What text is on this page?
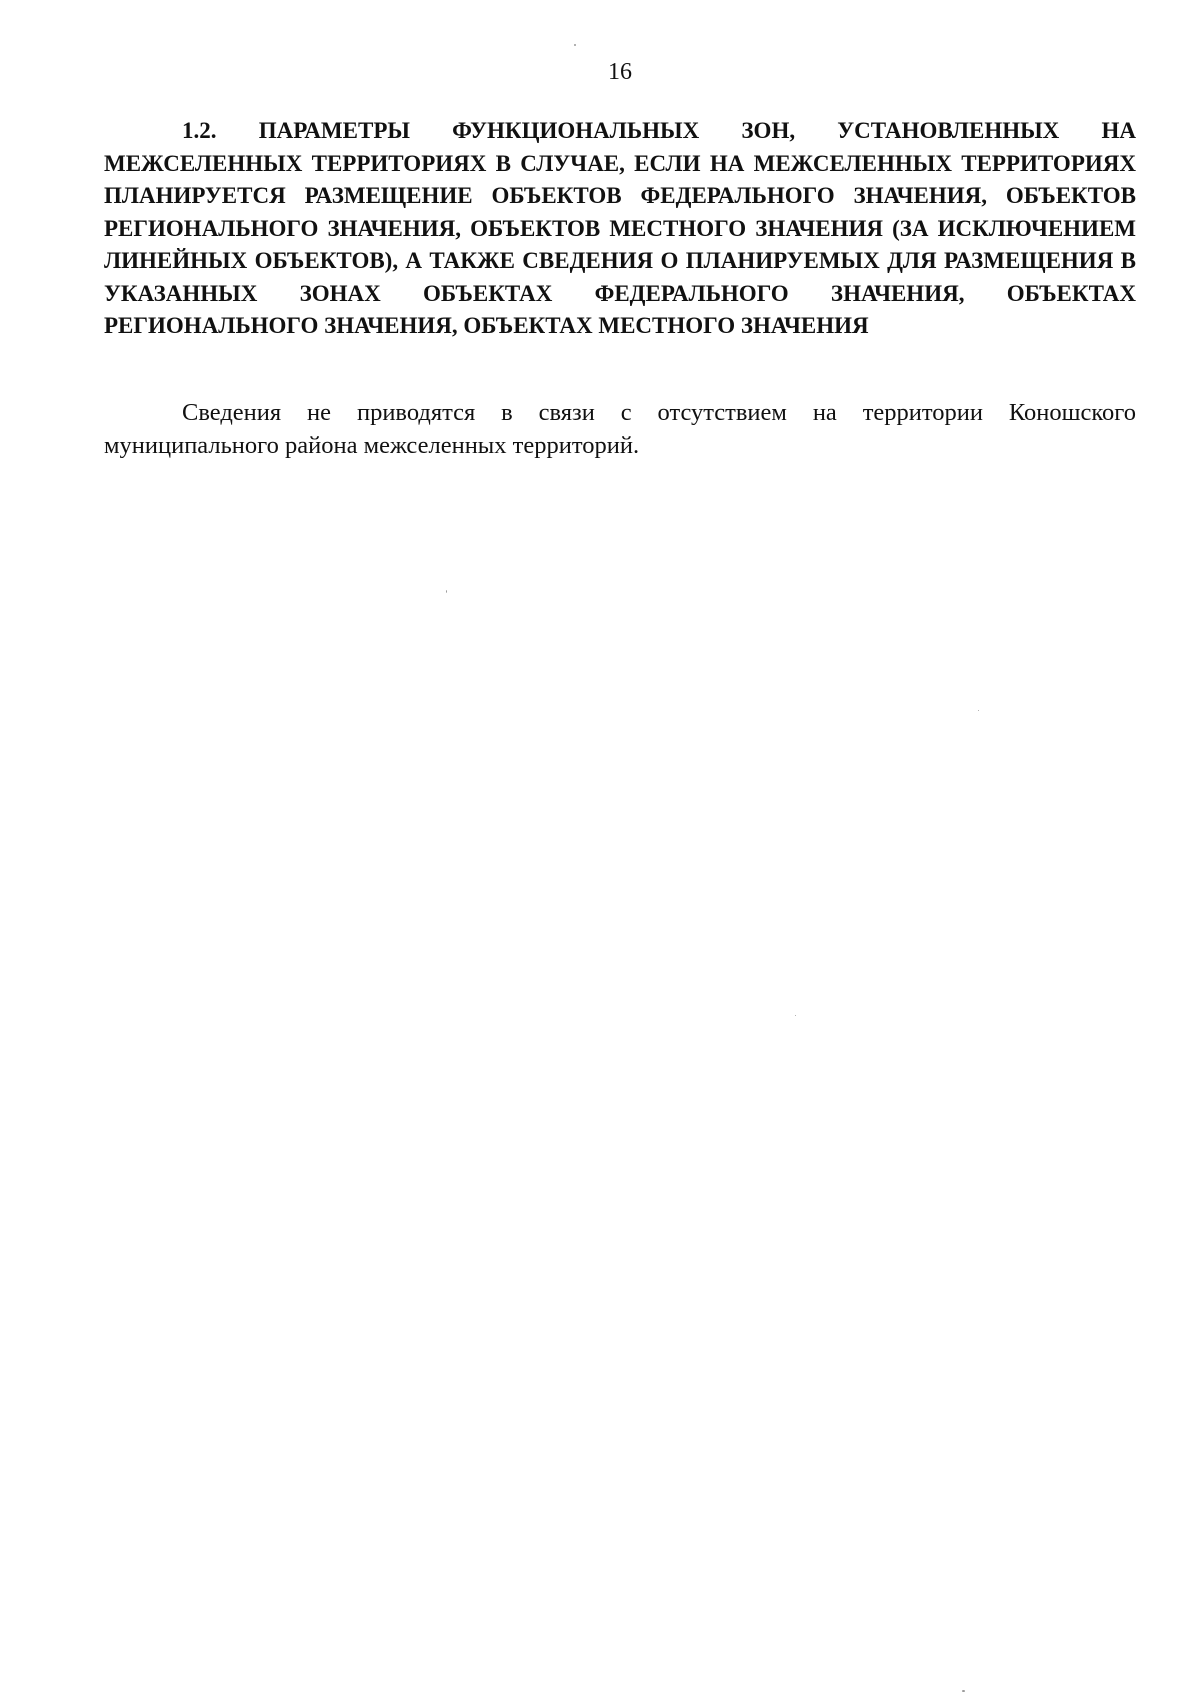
16

1.2. ПАРАМЕТРЫ ФУНКЦИОНАЛЬНЫХ ЗОН, УСТАНОВЛЕННЫХ НА МЕЖСЕЛЕННЫХ ТЕРРИТОРИЯХ В СЛУЧАЕ, ЕСЛИ НА МЕЖСЕЛЕННЫХ ТЕРРИТОРИЯХ ПЛАНИРУЕТСЯ РАЗМЕЩЕНИЕ ОБЪЕКТОВ ФЕДЕРАЛЬНОГО ЗНАЧЕНИЯ, ОБЪЕКТОВ РЕГИОНАЛЬНОГО ЗНАЧЕНИЯ, ОБЪЕКТОВ МЕСТНОГО ЗНАЧЕНИЯ (ЗА ИСКЛЮЧЕНИЕМ ЛИНЕЙНЫХ ОБЪЕКТОВ), А ТАКЖЕ СВЕДЕНИЯ О ПЛАНИРУЕМЫХ ДЛЯ РАЗМЕЩЕНИЯ В УКАЗАННЫХ ЗОНАХ ОБЪЕКТАХ ФЕДЕРАЛЬНОГО ЗНАЧЕНИЯ, ОБЪЕКТАХ РЕГИОНАЛЬНОГО ЗНАЧЕНИЯ, ОБЪЕКТАХ МЕСТНОГО ЗНАЧЕНИЯ

Сведения не приводятся в связи с отсутствием на территории Коношского муниципального района межселенных территорий.
